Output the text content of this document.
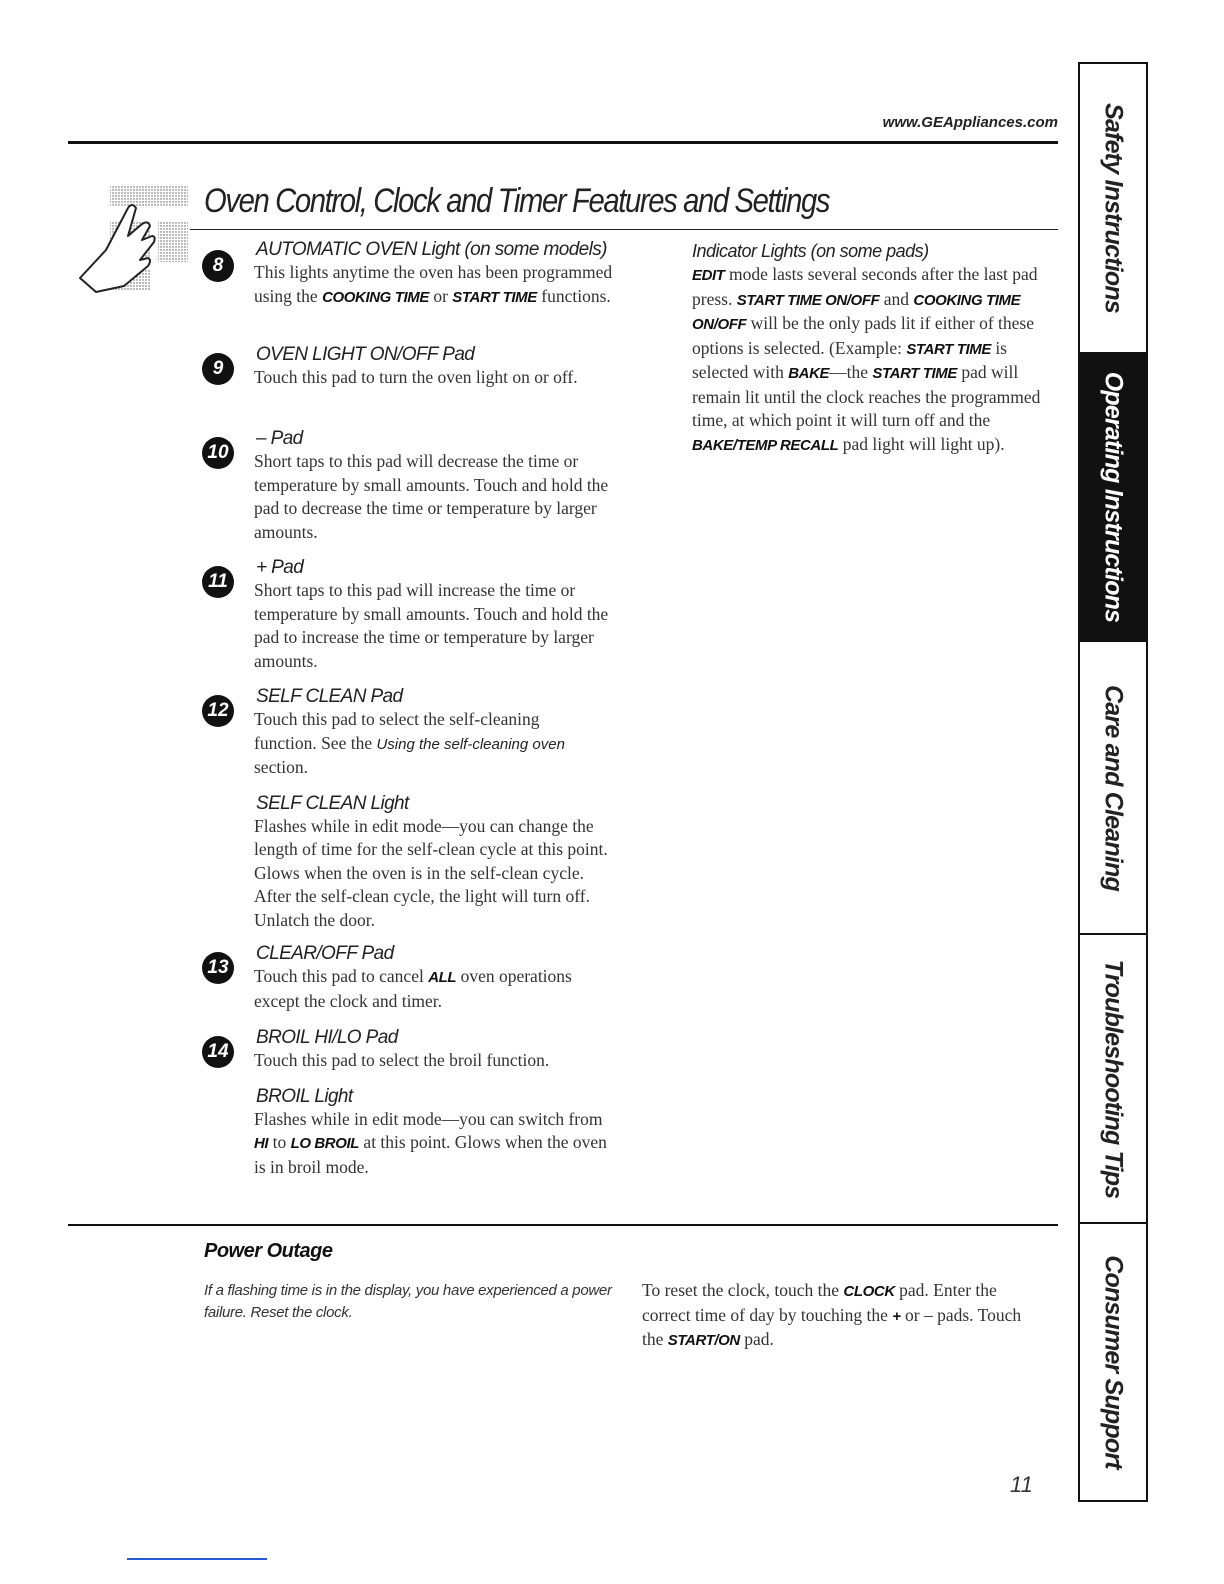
www.GEAppliances.com
Oven Control, Clock and Timer Features and Settings
8
AUTOMATIC OVEN Light (on some models)
This lights anytime the oven has been programmed using the COOKING TIME or START TIME functions.
9
OVEN LIGHT ON/OFF Pad
Touch this pad to turn the oven light on or off.
10
– Pad
Short taps to this pad will decrease the time or temperature by small amounts. Touch and hold the pad to decrease the time or temperature by larger amounts.
11
+ Pad
Short taps to this pad will increase the time or temperature by small amounts. Touch and hold the pad to increase the time or temperature by larger amounts.
12
SELF CLEAN Pad
Touch this pad to select the self-cleaning function. See the Using the self-cleaning oven section.
SELF CLEAN Light
Flashes while in edit mode—you can change the length of time for the self-clean cycle at this point. Glows when the oven is in the self-clean cycle. After the self-clean cycle, the light will turn off. Unlatch the door.
13
CLEAR/OFF Pad
Touch this pad to cancel ALL oven operations except the clock and timer.
14
BROIL HI/LO Pad
Touch this pad to select the broil function.
BROIL Light
Flashes while in edit mode—you can switch from HI to LO BROIL at this point. Glows when the oven is in broil mode.
Indicator Lights (on some pads)
EDIT mode lasts several seconds after the last pad press. START TIME ON/OFF and COOKING TIME ON/OFF will be the only pads lit if either of these options is selected. (Example: START TIME is selected with BAKE—the START TIME pad will remain lit until the clock reaches the programmed time, at which point it will turn off and the BAKE/TEMP RECALL pad light will light up).
Power Outage
If a flashing time is in the display, you have experienced a power failure. Reset the clock.
To reset the clock, touch the CLOCK pad. Enter the correct time of day by touching the + or – pads. Touch the START/ON pad.
11
Safety Instructions
Operating Instructions
Care and Cleaning
Troubleshooting Tips
Consumer Support
